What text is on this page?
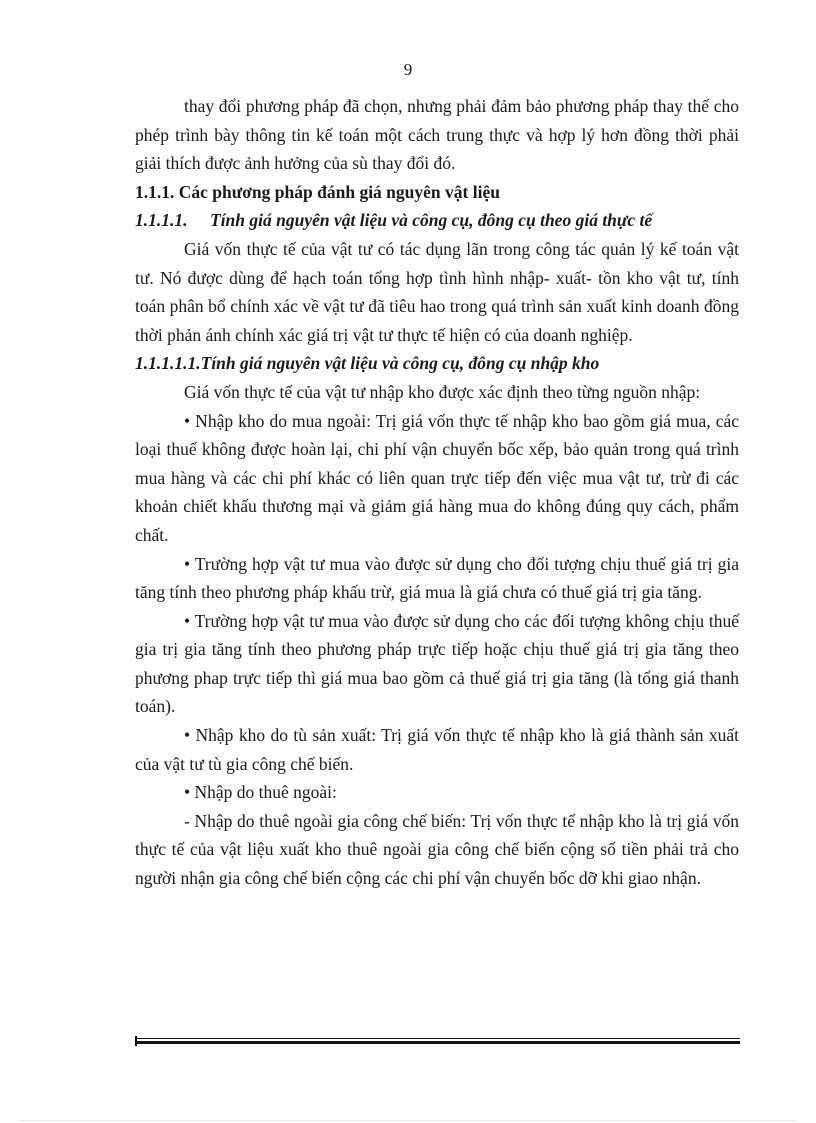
9

thay đổi phương pháp đã chọn, nhưng phải đảm bảo phương pháp thay thế cho phép trình bày thông tin kế toán một cách trung thực và hợp lý hơn đồng thời phải giải thích được ảnh hưởng của sù thay đổi đó.

1.1.1. Các phương pháp đánh giá nguyên vật liệu

1.1.1.1. Tính giá nguyên vật liệu và công cụ, đông cụ theo giá thực tế

Giá vốn thực tế của vật tư có tác dụng lãn trong công tác quản lý kế toán vật tư. Nó được dùng để hạch toán tổng hợp tình hình nhập- xuất- tồn kho vật tư, tính toán phân bổ chính xác về vật tư đã tiêu hao trong quá trình sản xuất kinh doanh đồng thời phản ánh chính xác giá trị vật tư thực tế hiện có của doanh nghiệp.

1.1.1.1.1.Tính giá nguyên vật liệu và công cụ, đông cụ nhập kho

Giá vốn thực tế của vật tư nhập kho được xác định theo từng nguồn nhập:

• Nhập kho do mua ngoài: Trị giá vốn thực tế nhập kho bao gồm giá mua, các loại thuế không được hoàn lại, chi phí vận chuyển bốc xếp, bảo quản trong quá trình mua hàng và các chi phí khác có liên quan trực tiếp đến việc mua vật tư, trừ đi các khoản chiết khấu thương mại và giảm giá hàng mua do không đúng quy cách, phẩm chất.

• Trường hợp vật tư mua vào được sử dụng cho đối tượng chịu thuế giá trị gia tăng tính theo phương pháp khấu trừ, giá mua là giá chưa có thuế giá trị gia tăng.

• Trường hợp vật tư mua vào được sử dụng cho các đối tượng không chịu thuế gia trị gia tăng tính theo phương pháp trực tiếp hoặc chịu thuế giá trị gia tăng theo phương phap trực tiếp thì giá mua bao gồm cả thuế giá trị gia tăng (là tổng giá thanh toán).

• Nhập kho do tù sản xuất: Trị giá vốn thực tế nhập kho là giá thành sản xuất của vật tư tù gia công chế biến.

• Nhập do thuê ngoài:

- Nhập do thuê ngoài gia công chế biến: Trị vốn thực tế nhập kho là trị giá vốn thực tế của vật liệu xuất kho thuê ngoài gia công chế biến cộng số tiền phải trả cho người nhận gia công chế biến cộng các chi phí vận chuyển bốc dỡ khi giao nhận.
